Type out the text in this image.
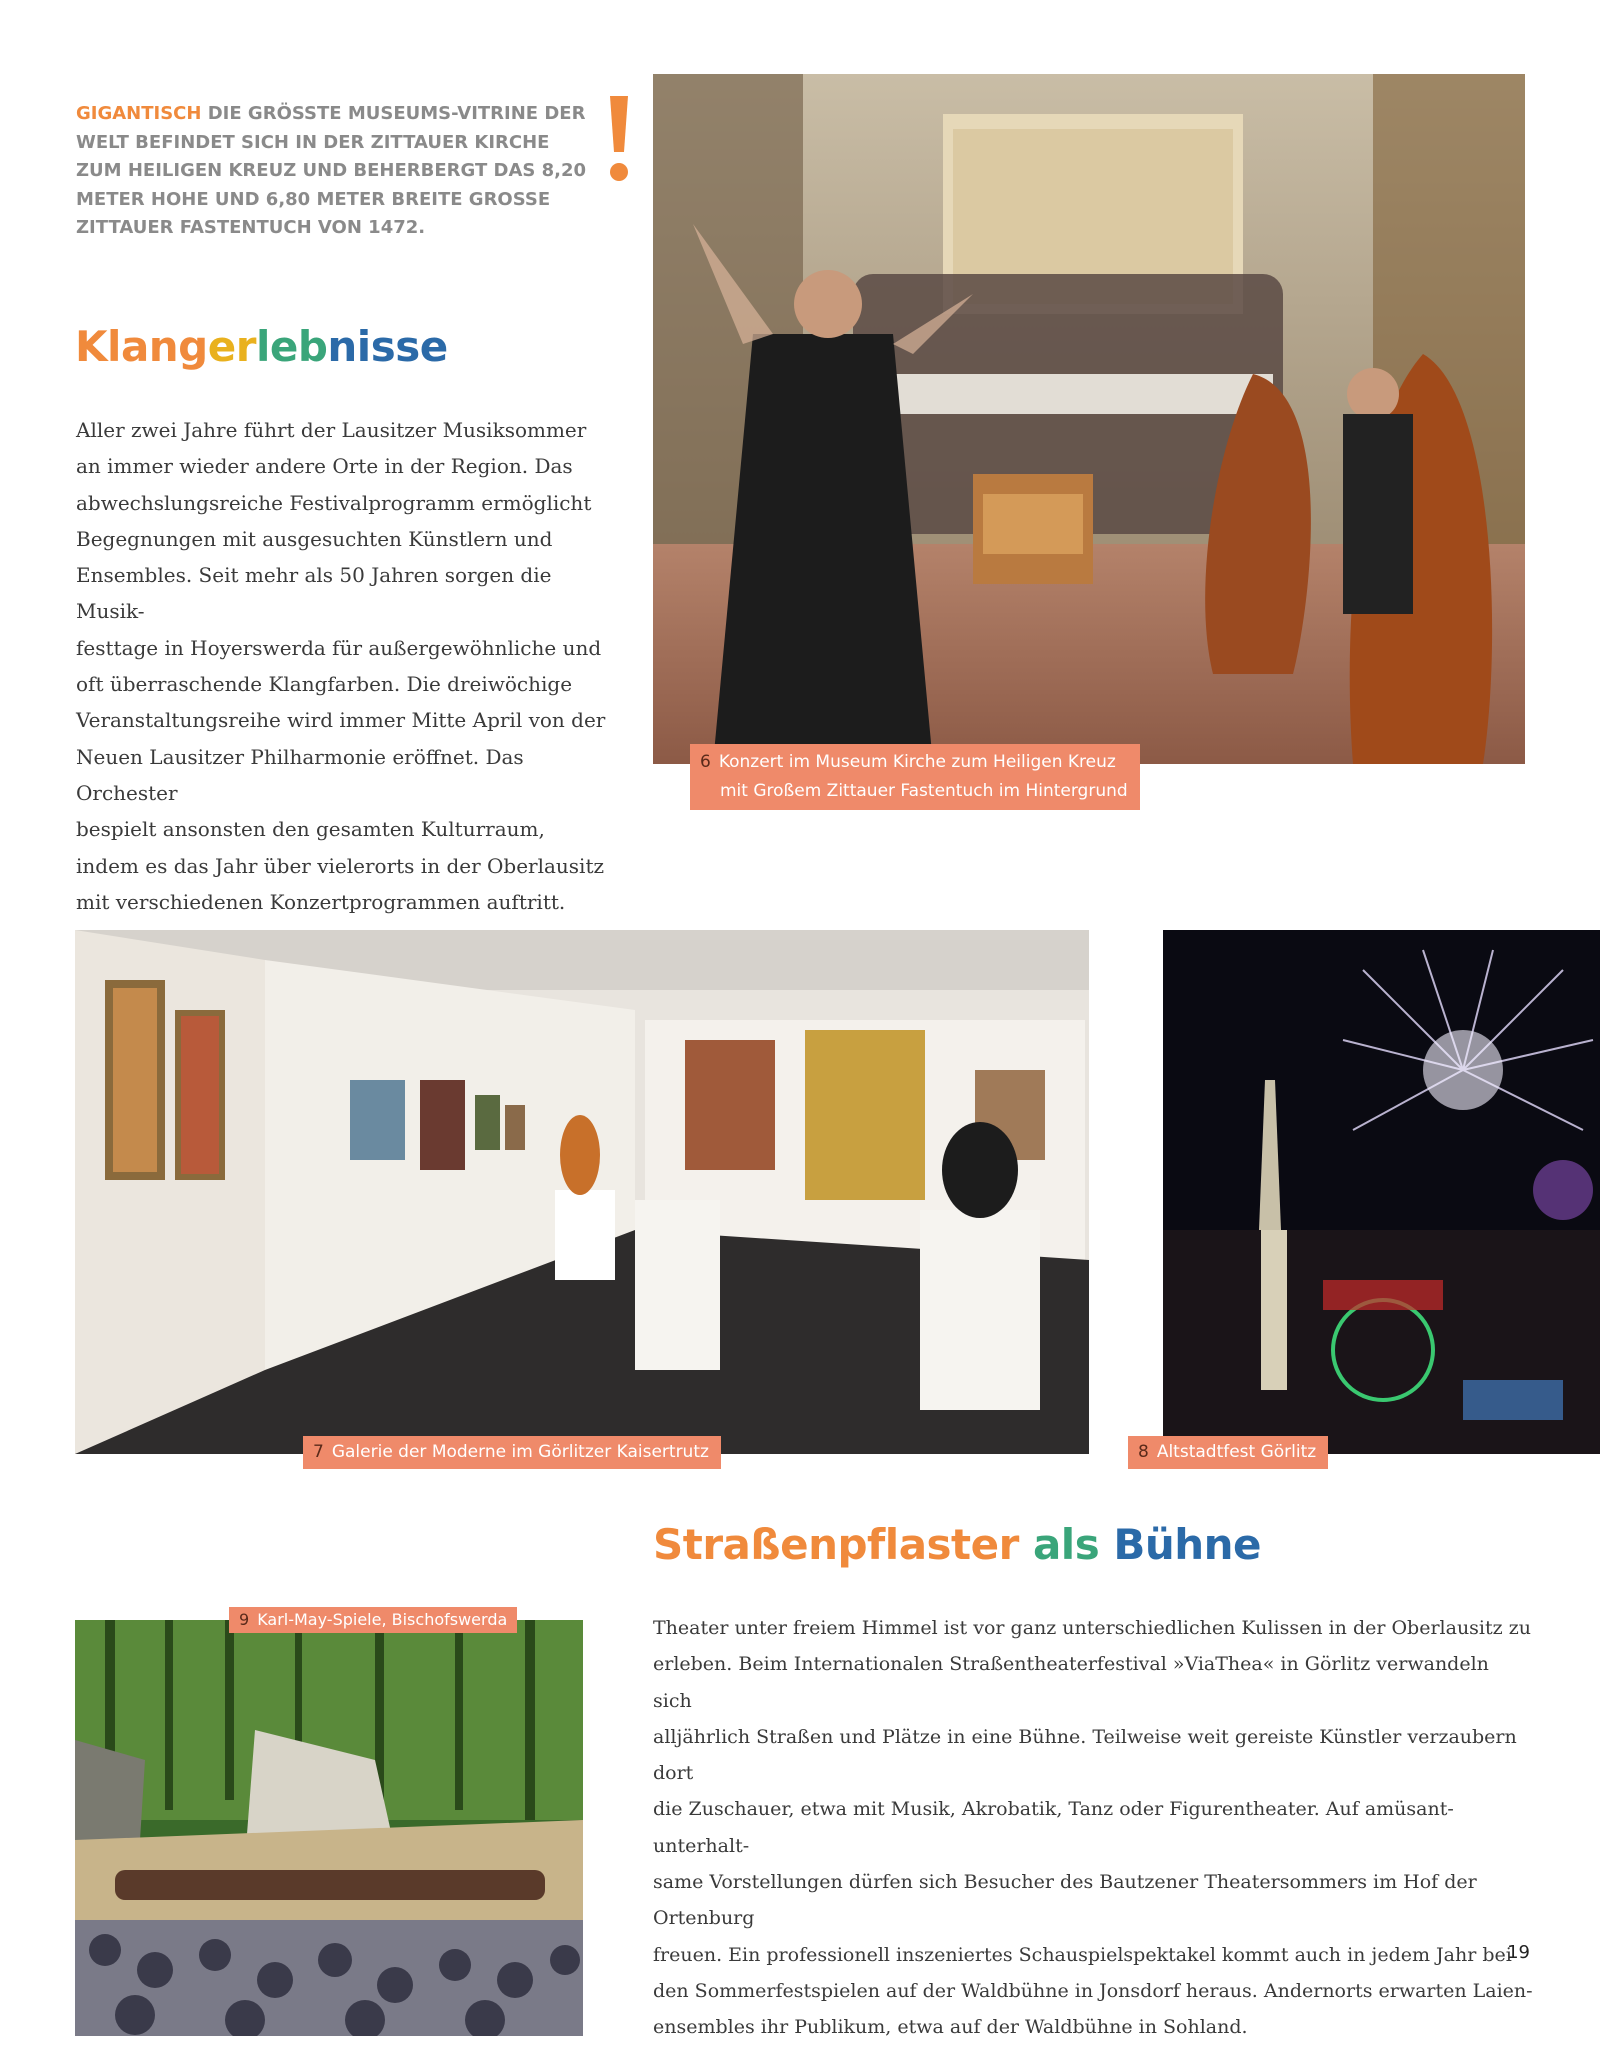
GIGANTISCH DIE GRÖSSTE MUSEUMS-VITRINE DER WELT BEFINDET SICH IN DER ZITTAUER KIRCHE ZUM HEILIGEN KREUZ UND BEHERBERGT DAS 8,20 METER HOHE UND 6,80 METER BREITE GROSSE ZITTAUER FASTENTUCH VON 1472.
Klangerlebnisse
Aller zwei Jahre führt der Lausitzer Musiksommer
an immer wieder andere Orte in der Region. Das
abwechslungsreiche Festivalprogramm ermöglicht
Begegnungen mit ausgesuchten Künstlern und
Ensembles. Seit mehr als 50 Jahren sorgen die Musik-
festtage in Hoyerswerda für außergewöhnliche und
oft überraschende Klangfarben. Die dreiwöchige
Veranstaltungsreihe wird immer Mitte April von der
Neuen Lausitzer Philharmonie eröffnet. Das Orchester
bespielt ansonsten den gesamten Kulturraum,
indem es das Jahr über vielerorts in der Oberlausitz
mit verschiedenen Konzertprogrammen auftritt.
6 Konzert im Museum Kirche zum Heiligen Kreuz
mit Großem Zittauer Fastentuch im Hintergrund
7 Galerie der Moderne im Görlitzer Kaisertrutz	8 Altstadtfest Görlitz
Straßenpflaster als Bühne
Theater unter freiem Himmel ist vor ganz unterschiedlichen Kulissen in der Oberlausitz zu
erleben. Beim Internationalen Straßentheaterfestival »ViaThea« in Görlitz verwandeln sich
alljährlich Straßen und Plätze in eine Bühne. Teilweise weit gereiste Künstler verzaubern dort
die Zuschauer, etwa mit Musik, Akrobatik, Tanz oder Figurentheater. Auf amüsant-unterhalt-
same Vorstellungen dürfen sich Besucher des Bautzener Theatersommers im Hof der Ortenburg
freuen. Ein professionell inszeniertes Schauspielspektakel kommt auch in jedem Jahr bei
den Sommerfestspielen auf der Waldbühne in Jonsdorf heraus. Andernorts erwarten Laien-
ensembles ihr Publikum, etwa auf der Waldbühne in Sohland.
9 Karl-May-Spiele, Bischofswerda
19
